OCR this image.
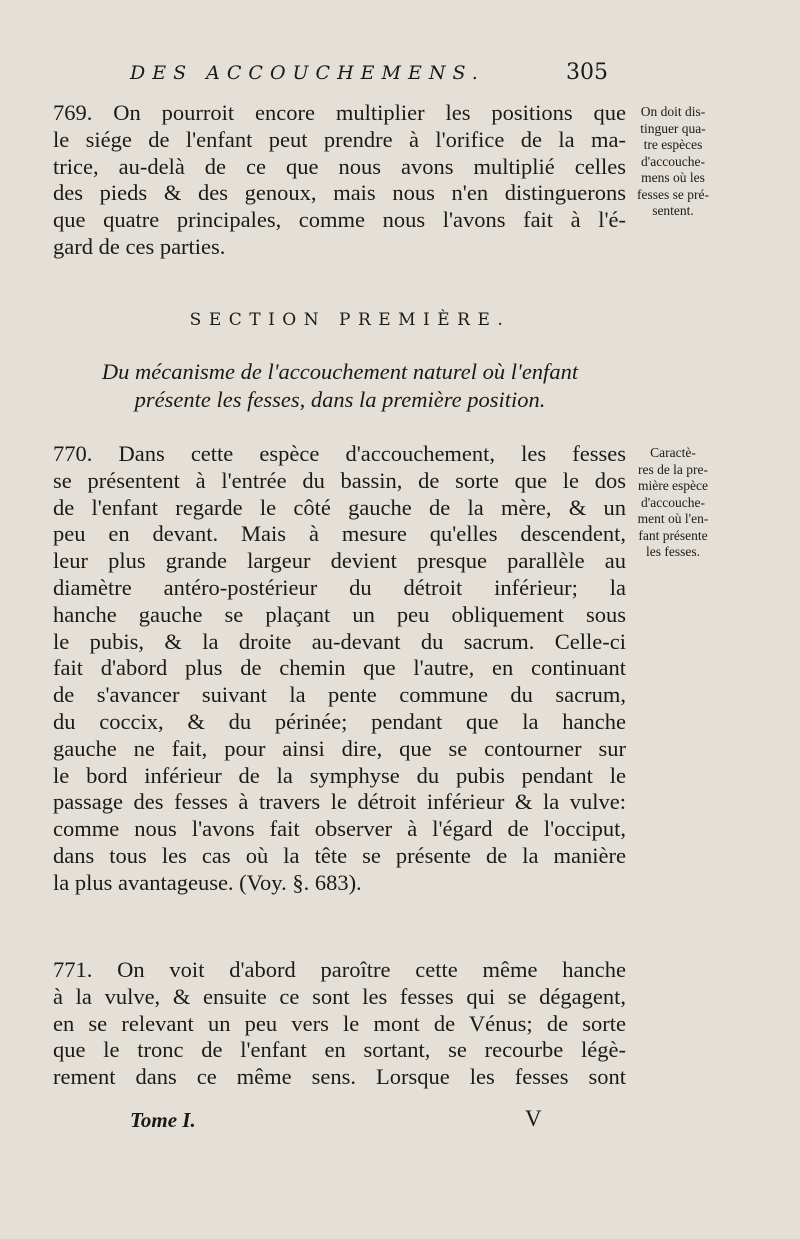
DES ACCOUCHEMENS.	305
769. On pourroit encore multiplier les positions que
le siége de l'enfant peut prendre à l'orifice de la ma-
trice, au-delà de ce que nous avons multiplié celles
des pieds & des genoux, mais nous n'en distinguerons
que quatre principales, comme nous l'avons fait à l'é-
gard de ces parties.
On doit dis-
tinguer qua-
tre espèces
d'accouche-
mens où les
fesses se pré-
sentent.
SECTION PREMIÈRE.
Du mécanisme de l'accouchement naturel où l'enfant
présente les fesses, dans la première position.
770. Dans cette espèce d'accouchement, les fesses
se présentent à l'entrée du bassin, de sorte que le dos
de l'enfant regarde le côté gauche de la mère, & un
peu en devant. Mais à mesure qu'elles descendent,
leur plus grande largeur devient presque parallèle au
diamètre antéro-postérieur du détroit inférieur; la
hanche gauche se plaçant un peu obliquement sous
le pubis, & la droite au-devant du sacrum. Celle-ci
fait d'abord plus de chemin que l'autre, en continuant
de s'avancer suivant la pente commune du sacrum,
du coccix, & du périnée; pendant que la hanche
gauche ne fait, pour ainsi dire, que se contourner sur
le bord inférieur de la symphyse du pubis pendant le
passage des fesses à travers le détroit inférieur & la vulve:
comme nous l'avons fait observer à l'égard de l'occiput,
dans tous les cas où la tête se présente de la manière
la plus avantageuse. (Voy. §. 683).
Caractè-
res de la pre-
mière espèce
d'accouche-
ment où l'en-
fant présente
les fesses.
771. On voit d'abord paroître cette même hanche
à la vulve, & ensuite ce sont les fesses qui se dégagent,
en se relevant un peu vers le mont de Vénus; de sorte
que le tronc de l'enfant en sortant, se recourbe légè-
rement dans ce même sens. Lorsque les fesses sont
Tome I.	V
